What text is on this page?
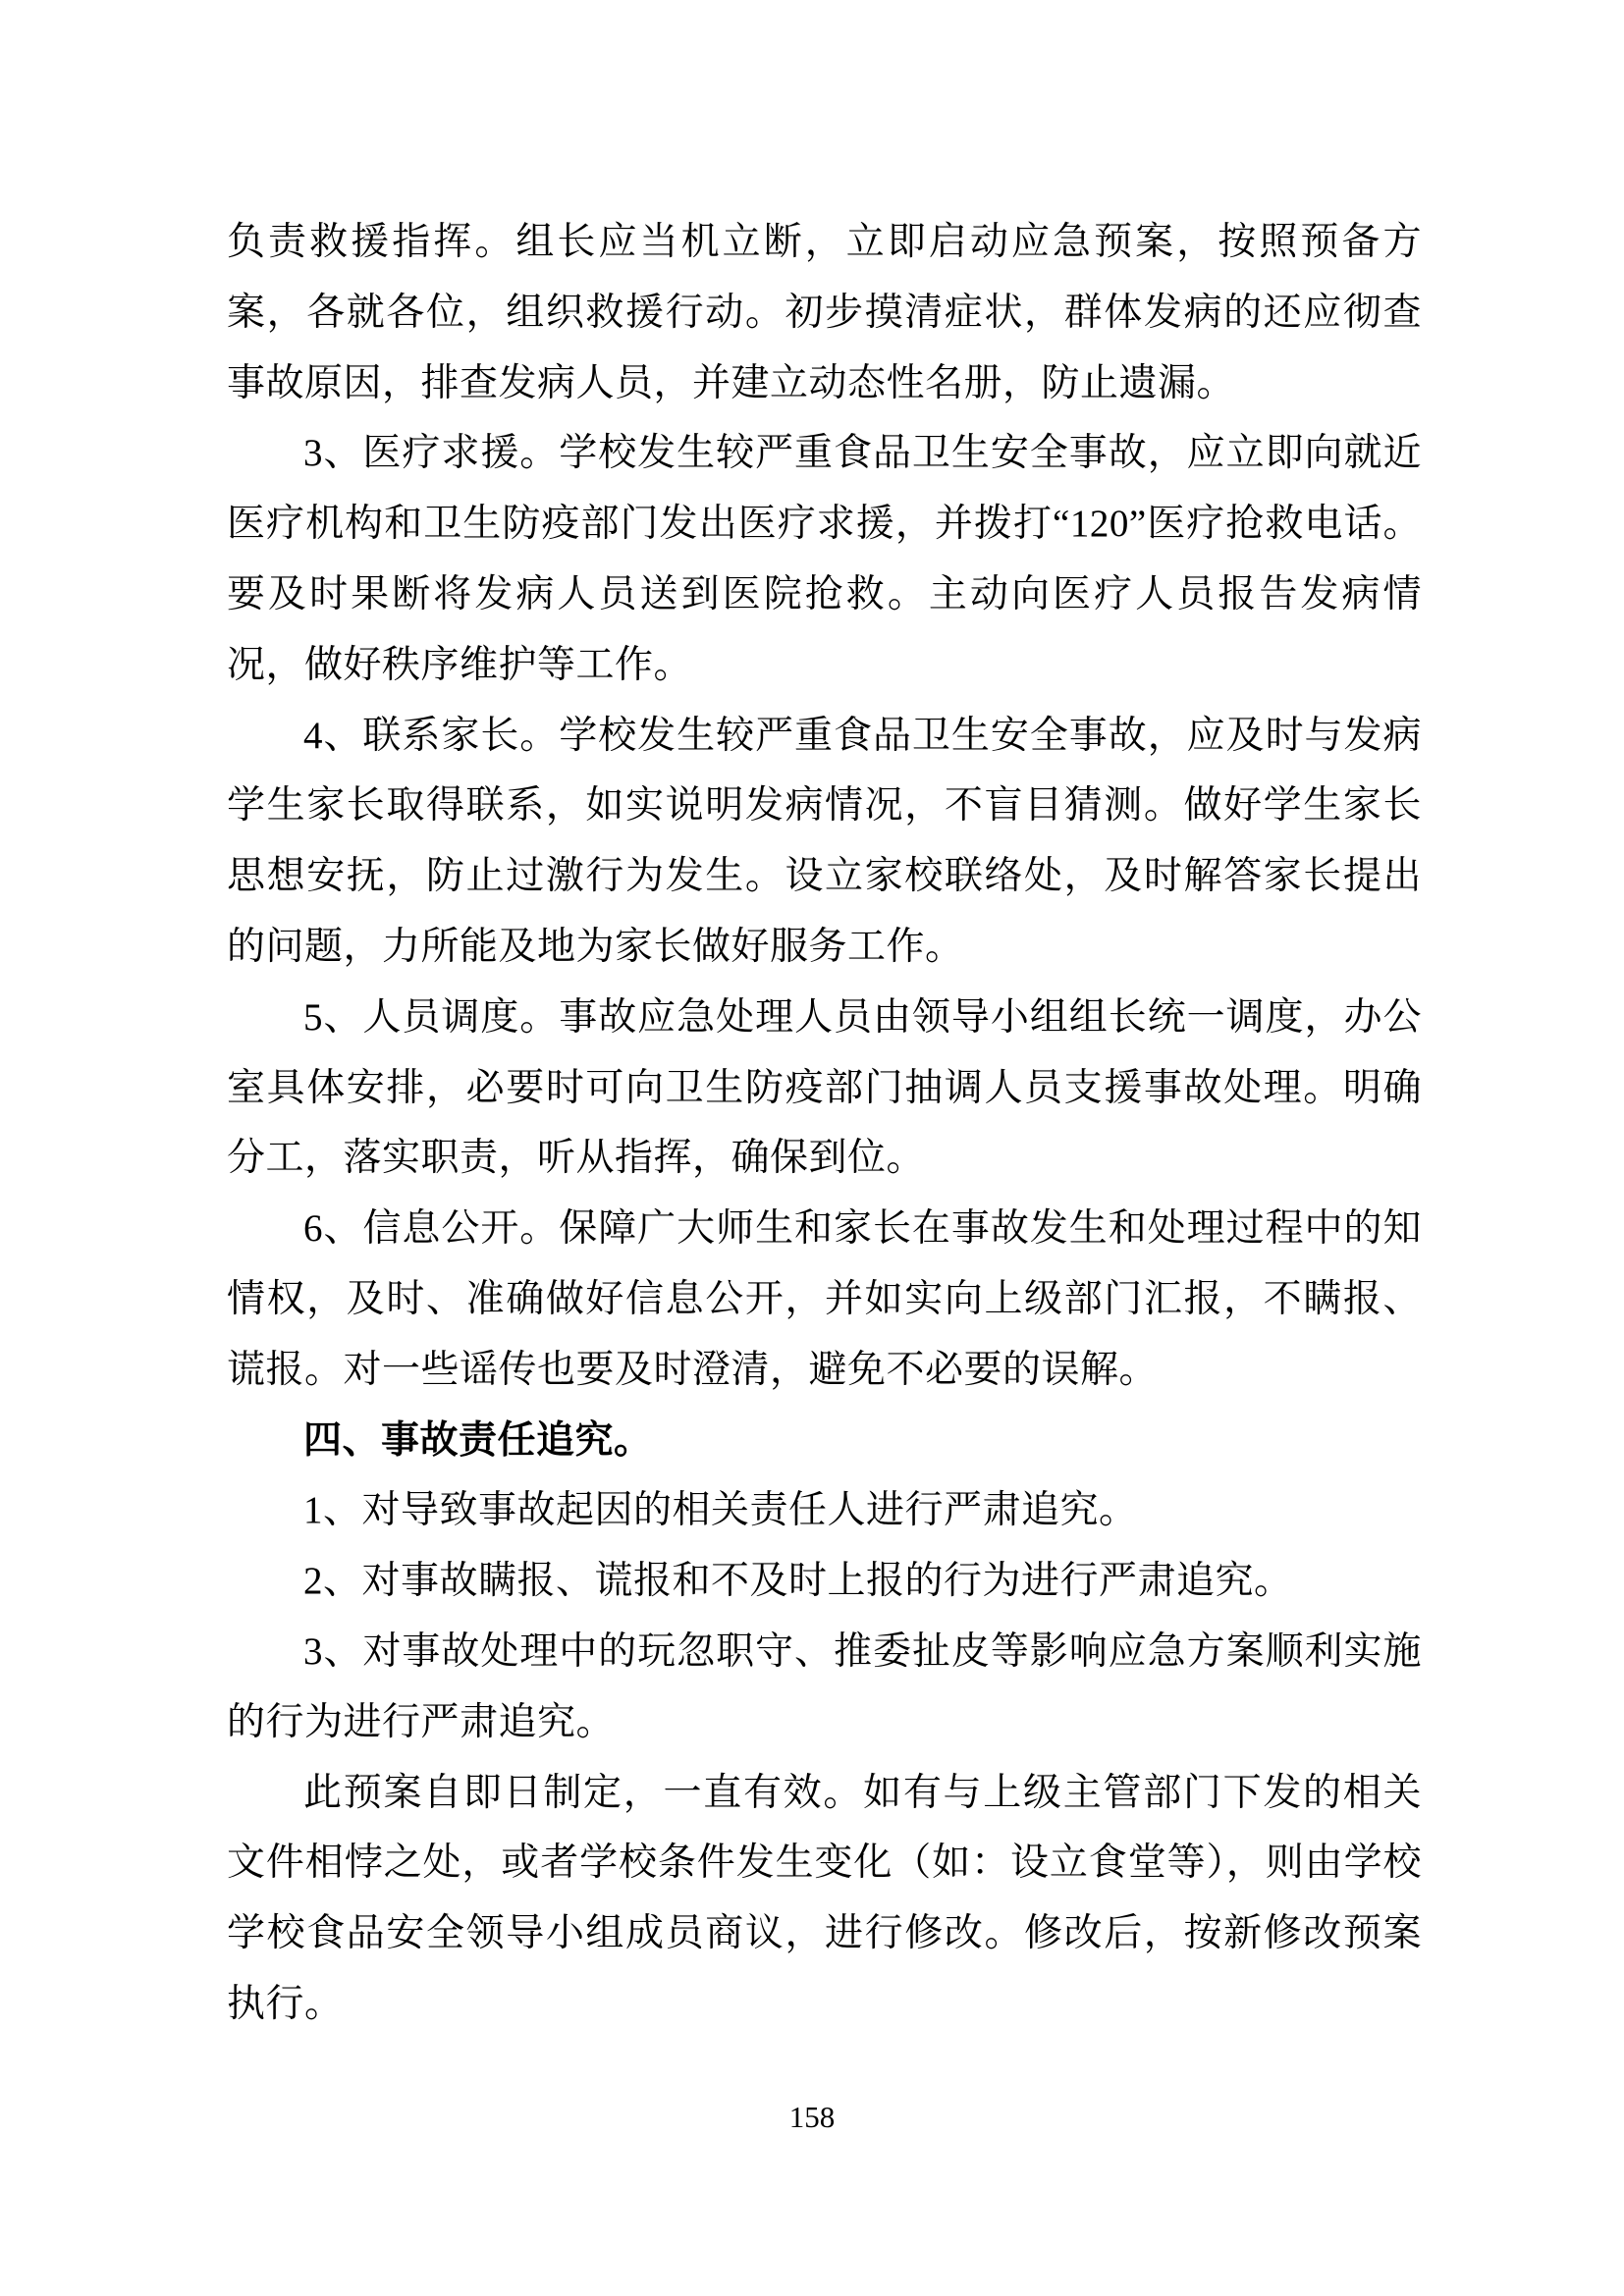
负责救援指挥。组长应当机立断，立即启动应急预案，按照预备方案，各就各位，组织救援行动。初步摸清症状，群体发病的还应彻查事故原因，排查发病人员，并建立动态性名册，防止遗漏。

3、医疗求援。学校发生较严重食品卫生安全事故，应立即向就近医疗机构和卫生防疫部门发出医疗求援，并拨打“120”医疗抢救电话。要及时果断将发病人员送到医院抢救。主动向医疗人员报告发病情况，做好秩序维护等工作。

4、联系家长。学校发生较严重食品卫生安全事故，应及时与发病学生家长取得联系，如实说明发病情况，不盲目猜测。做好学生家长思想安抚，防止过激行为发生。设立家校联络处，及时解答家长提出的问题，力所能及地为家长做好服务工作。

5、人员调度。事故应急处理人员由领导小组组长统一调度，办公室具体安排，必要时可向卫生防疫部门抽调人员支援事故处理。明确分工，落实职责，听从指挥，确保到位。

6、信息公开。保障广大师生和家长在事故发生和处理过程中的知情权，及时、准确做好信息公开，并如实向上级部门汇报，不瞒报、谎报。对一些谣传也要及时澄清，避免不必要的误解。

四、事故责任追究。

1、对导致事故起因的相关责任人进行严肃追究。

2、对事故瞒报、谎报和不及时上报的行为进行严肃追究。

3、对事故处理中的玩忽职守、推委扯皮等影响应急方案顺利实施的行为进行严肃追究。

此预案自即日制定，一直有效。如有与上级主管部门下发的相关文件相悖之处，或者学校条件发生变化（如：设立食堂等），则由学校学校食品安全领导小组成员商议，进行修改。修改后，按新修改预案执行。

158
